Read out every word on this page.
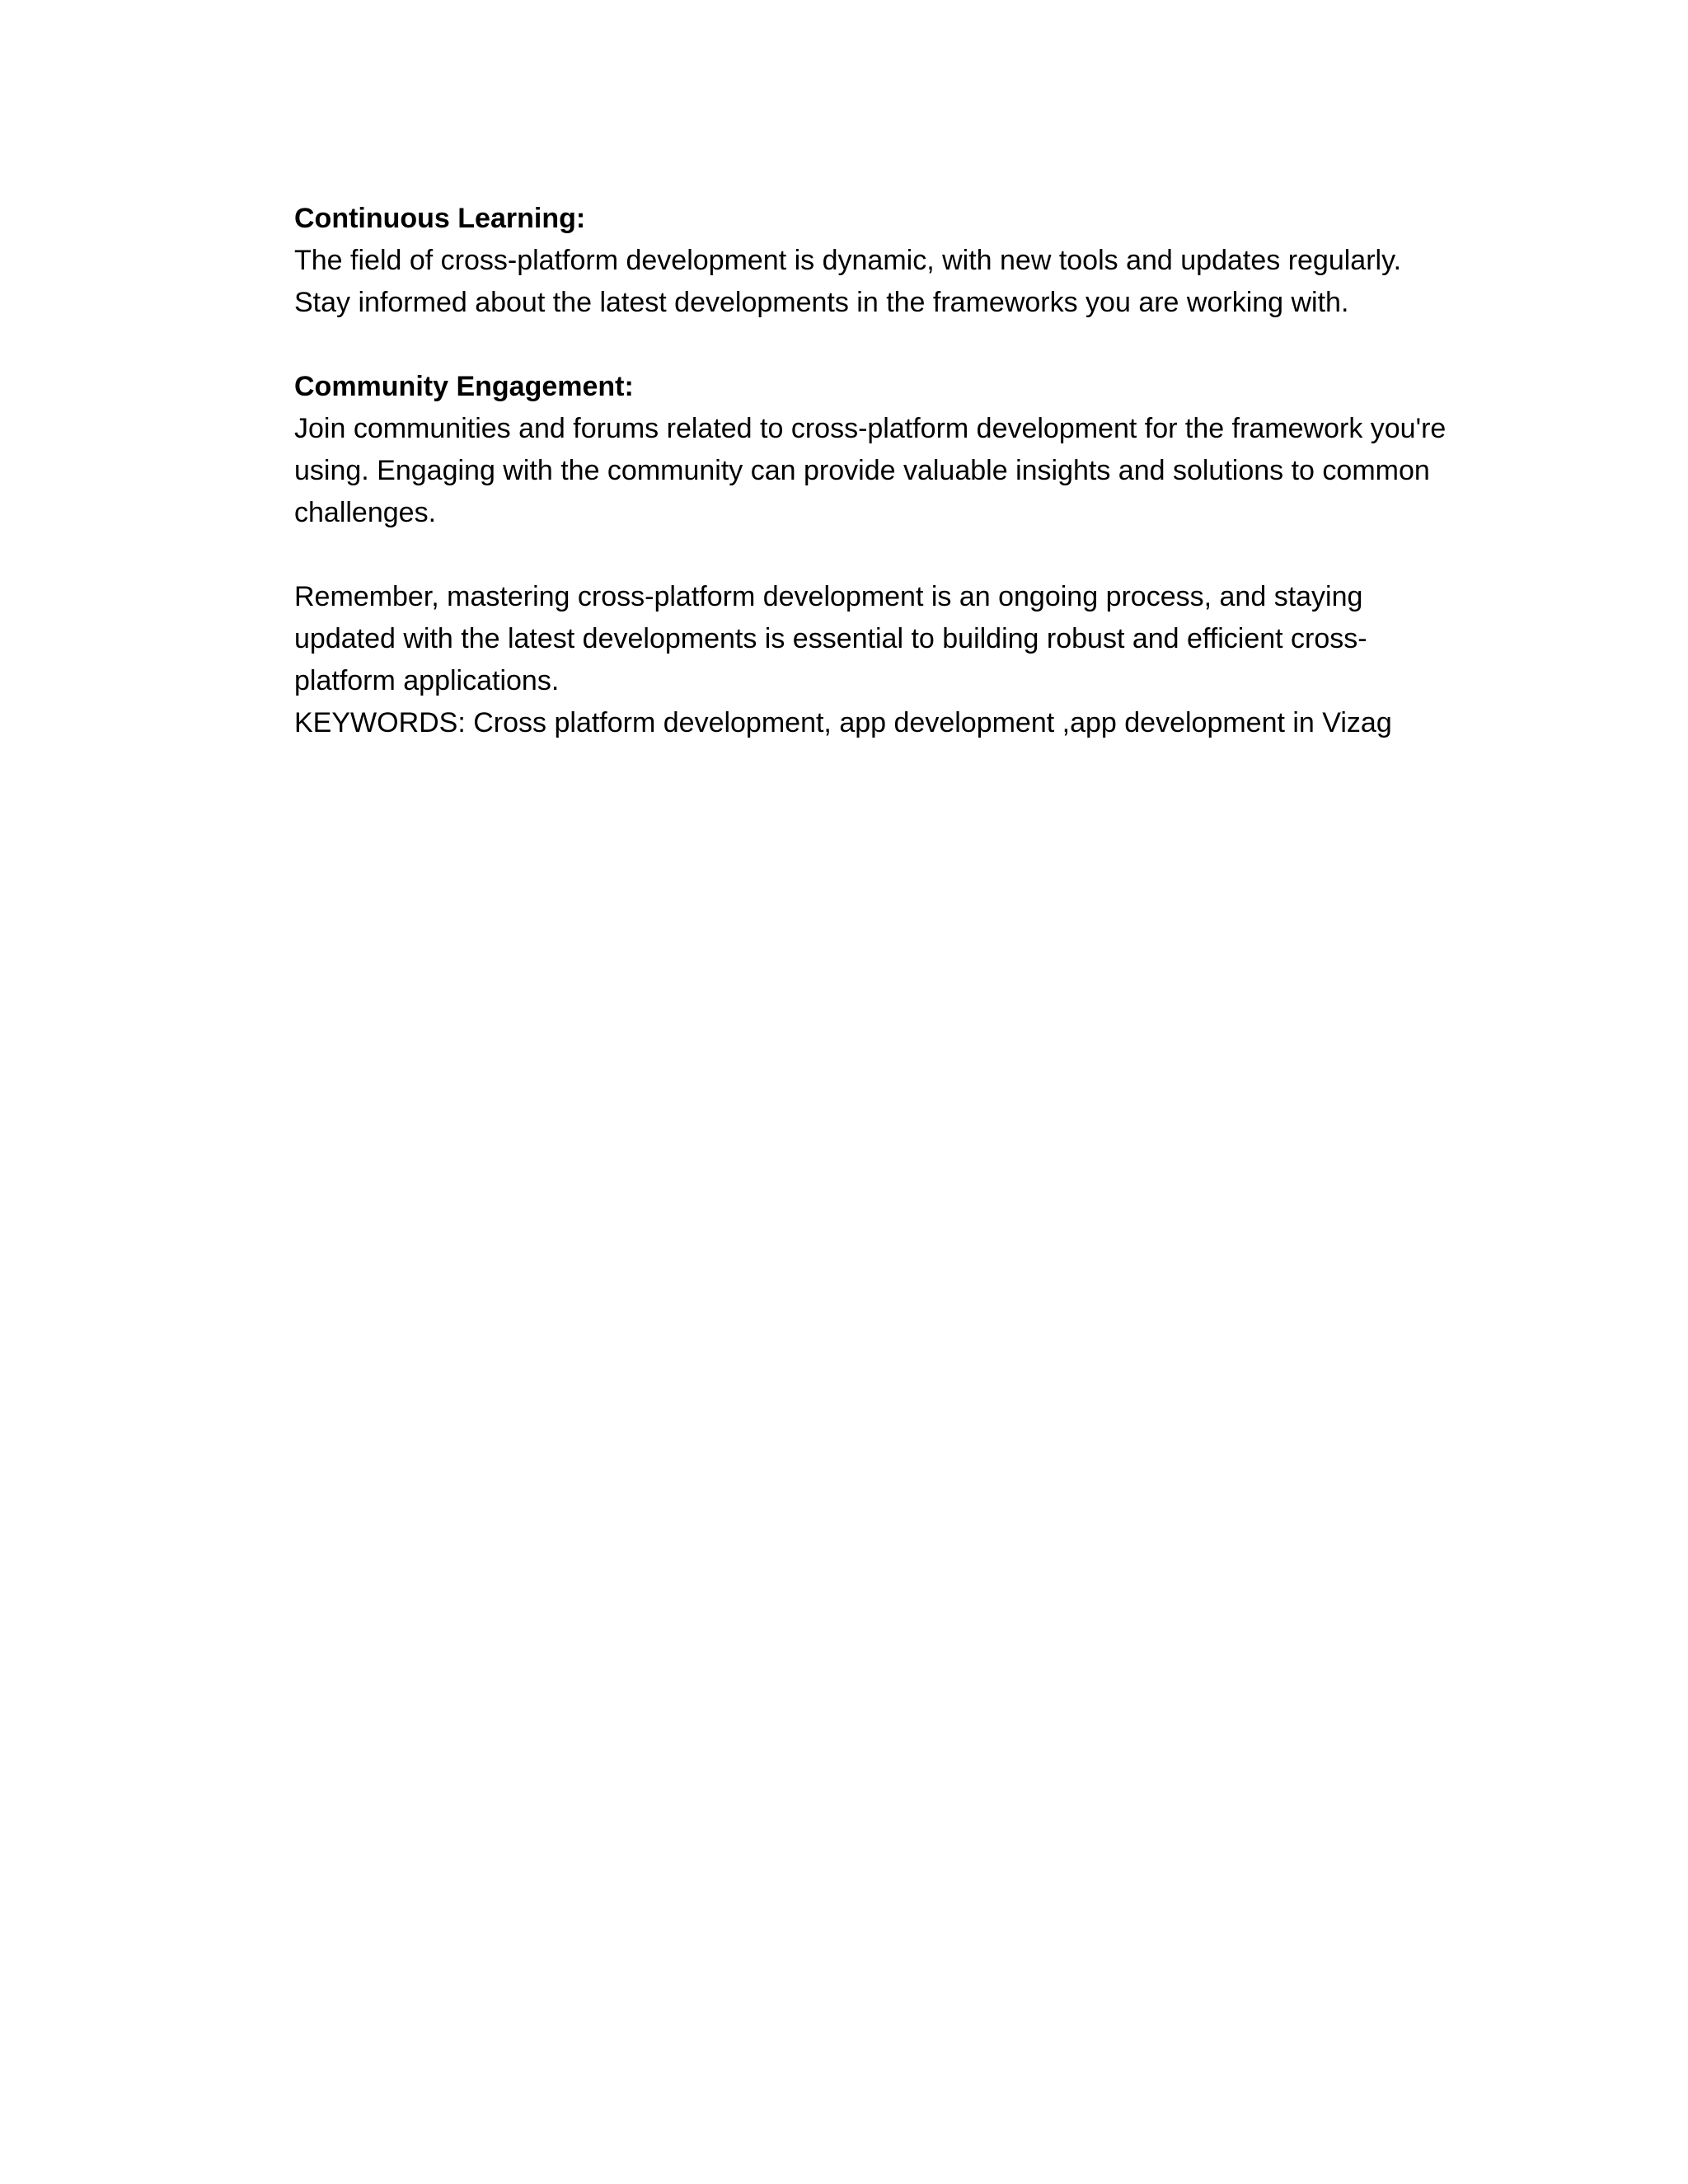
Continuous Learning:

The field of cross-platform development is dynamic, with new tools and updates regularly. Stay informed about the latest developments in the frameworks you are working with.

Community Engagement:

Join communities and forums related to cross-platform development for the framework you're using. Engaging with the community can provide valuable insights and solutions to common challenges.

Remember, mastering cross-platform development is an ongoing process, and staying updated with the latest developments is essential to building robust and efficient cross-platform applications.

KEYWORDS: Cross platform development, app development ,app development in Vizag
